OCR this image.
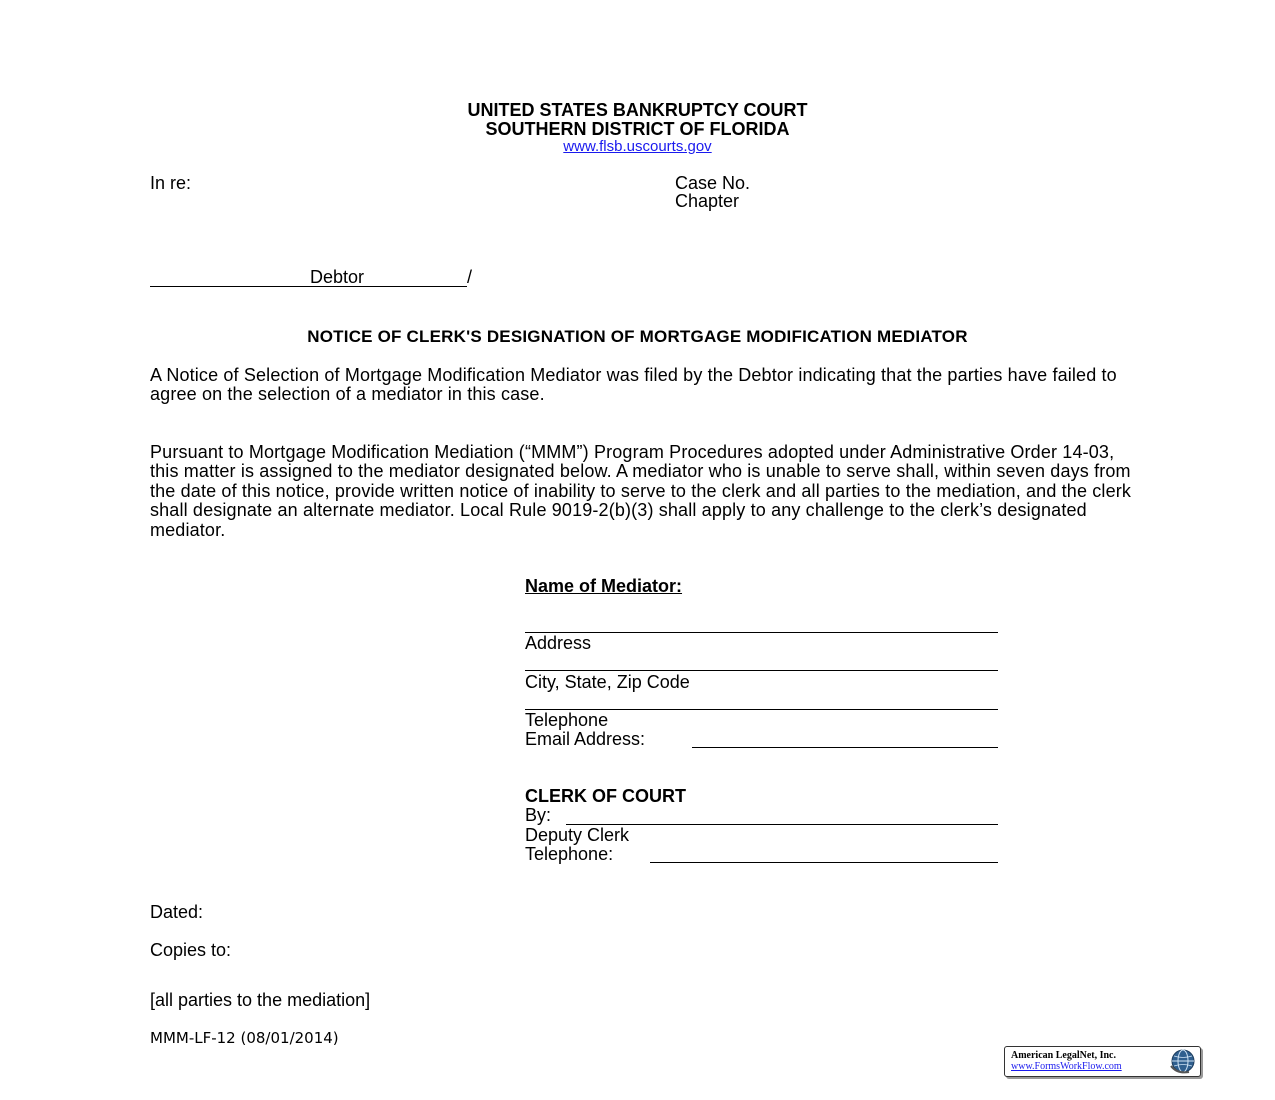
UNITED STATES BANKRUPTCY COURT
SOUTHERN DISTRICT OF FLORIDA
www.flsb.uscourts.gov
In re:	Case No.
Chapter
Debtor	/
NOTICE OF CLERK'S DESIGNATION OF MORTGAGE MODIFICATION MEDIATOR

A Notice of Selection of Mortgage Modification Mediator was filed by the Debtor indicating that the parties have failed to agree on the selection of a mediator in this case.

Pursuant to Mortgage Modification Mediation (“MMM”) Program Procedures adopted under Administrative Order 14-03, this matter is assigned to the mediator designated below. A mediator who is unable to serve shall, within seven days from the date of this notice, provide written notice of inability to serve to the clerk and all parties to the mediation, and the clerk shall designate an alternate mediator. Local Rule 9019-2(b)(3) shall apply to any challenge to the clerk’s designated mediator.

Name of Mediator:
Address
City, State, Zip Code
Telephone
Email Address:
CLERK OF COURT
By:
Deputy Clerk
Telephone:
Dated:
Copies to:
[all parties to the mediation]
MMM-LF-12 (08/01/2014)
American LegalNet, Inc.
www.FormsWorkFlow.com
